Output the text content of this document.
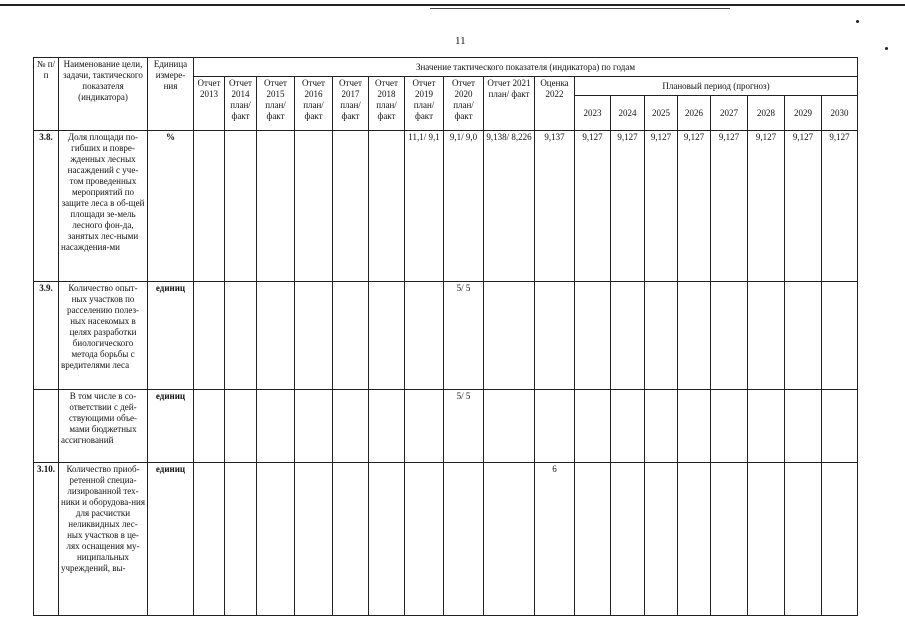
11
№ п/п	Наименование цели, задачи, тактического показателя (индикатора)	Единица измере-ния	Значение тактического показателя (индикатора) по годам																	
			Отчет 2013	Отчет 2014 план/ факт	Отчет 2015 план/ факт	Отчет 2016 план/ факт	Отчет 2017 план/ факт	Отчет 2018 план/ факт	Отчет 2019 план/ факт	Отчет 2020 план/ факт	Отчет 2021 план/ факт	Оценка 2022	Плановый период (прогноз)							
													2023	2024	2025	2026	2027	2028	2029	2030
3.8.	Доля площади по-гибших и повре-жденных лесных насаждений с уче-том проведенных мероприятий по защите леса в об-щей площади зе-мель лесного фон-да, занятых лес-ными насаждения-ми	%							11,1/ 9,1	9,1/ 9,0	9,138/ 8,226	9,137	9,127	9,127	9,127	9,127	9,127	9,127	9,127	9,127
3.9.	Количество опыт-ных участков по расселению полез-ных насекомых в целях разработки биологического метода борьбы с вредителями леса	единиц								5/ 5										
	В том числе в со-ответствии с дей-ствующими объе-мами бюджетных ассигнований	единиц								5/ 5										
3.10.	Количество приоб-ретенной специа-лизированной тех-ники и оборудова-ния для расчистки неликвидных лес-ных участков в це-лях оснащения му-ниципальных учреждений, вы-	единиц										6								
